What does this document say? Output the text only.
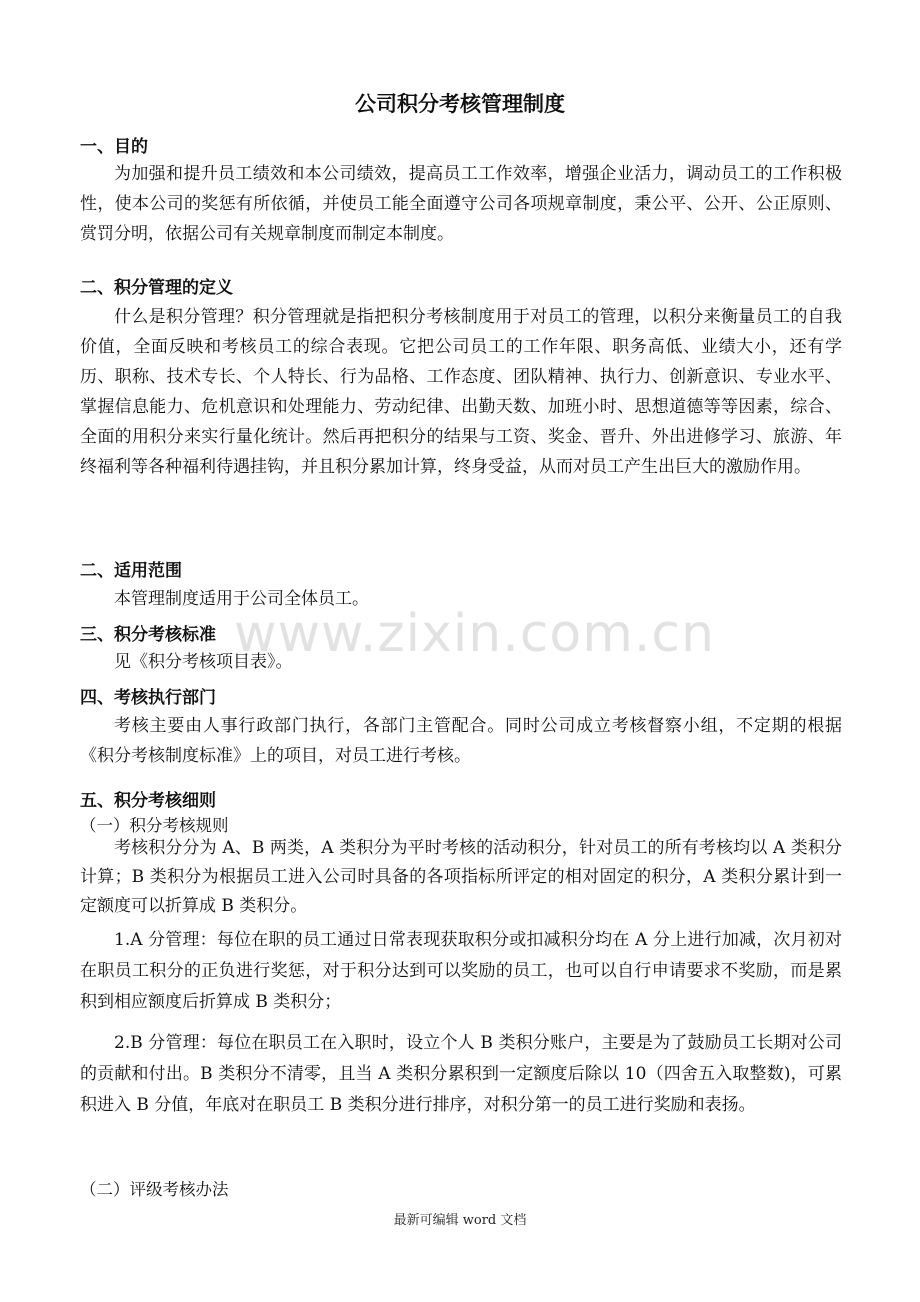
公司积分考核管理制度
一、目的

为加强和提升员工绩效和本公司绩效，提高员工工作效率，增强企业活力，调动员工的工作积极性，使本公司的奖惩有所依循，并使员工能全面遵守公司各项规章制度，秉公平、公开、公正原则、赏罚分明，依据公司有关规章制度而制定本制度。

二、积分管理的定义

什么是积分管理？积分管理就是指把积分考核制度用于对员工的管理，以积分来衡量员工的自我价值，全面反映和考核员工的综合表现。它把公司员工的工作年限、职务高低、业绩大小，还有学历、职称、技术专长、个人特长、行为品格、工作态度、团队精神、执行力、创新意识、专业水平、掌握信息能力、危机意识和处理能力、劳动纪律、出勤天数、加班小时、思想道德等等因素，综合、全面的用积分来实行量化统计。然后再把积分的结果与工资、奖金、晋升、外出进修学习、旅游、年终福利等各种福利待遇挂钩，并且积分累加计算，终身受益，从而对员工产生出巨大的激励作用。

二、适用范围

本管理制度适用于公司全体员工。

三、积分考核标准

见《积分考核项目表》。

四、考核执行部门

考核主要由人事行政部门执行，各部门主管配合。同时公司成立考核督察小组，不定期的根据《积分考核制度标准》上的项目，对员工进行考核。

五、积分考核细则
（一）积分考核规则

考核积分分为 A、B 两类，A 类积分为平时考核的活动积分，针对员工的所有考核均以 A 类积分计算；B 类积分为根据员工进入公司时具备的各项指标所评定的相对固定的积分，A 类积分累计到一定额度可以折算成 B 类积分。

1.A 分管理：每位在职的员工通过日常表现获取积分或扣减积分均在 A 分上进行加减，次月初对在职员工积分的正负进行奖惩，对于积分达到可以奖励的员工，也可以自行申请要求不奖励，而是累积到相应额度后折算成 B 类积分；

2.B 分管理：每位在职员工在入职时，设立个人 B 类积分账户，主要是为了鼓励员工长期对公司的贡献和付出。B 类积分不清零，且当 A 类积分累积到一定额度后除以 10（四舍五入取整数)，可累积进入 B 分值，年底对在职员工 B 类积分进行排序，对积分第一的员工进行奖励和表扬。

（二）评级考核办法
www.zixin.com.cn
最新可编辑 word 文档
